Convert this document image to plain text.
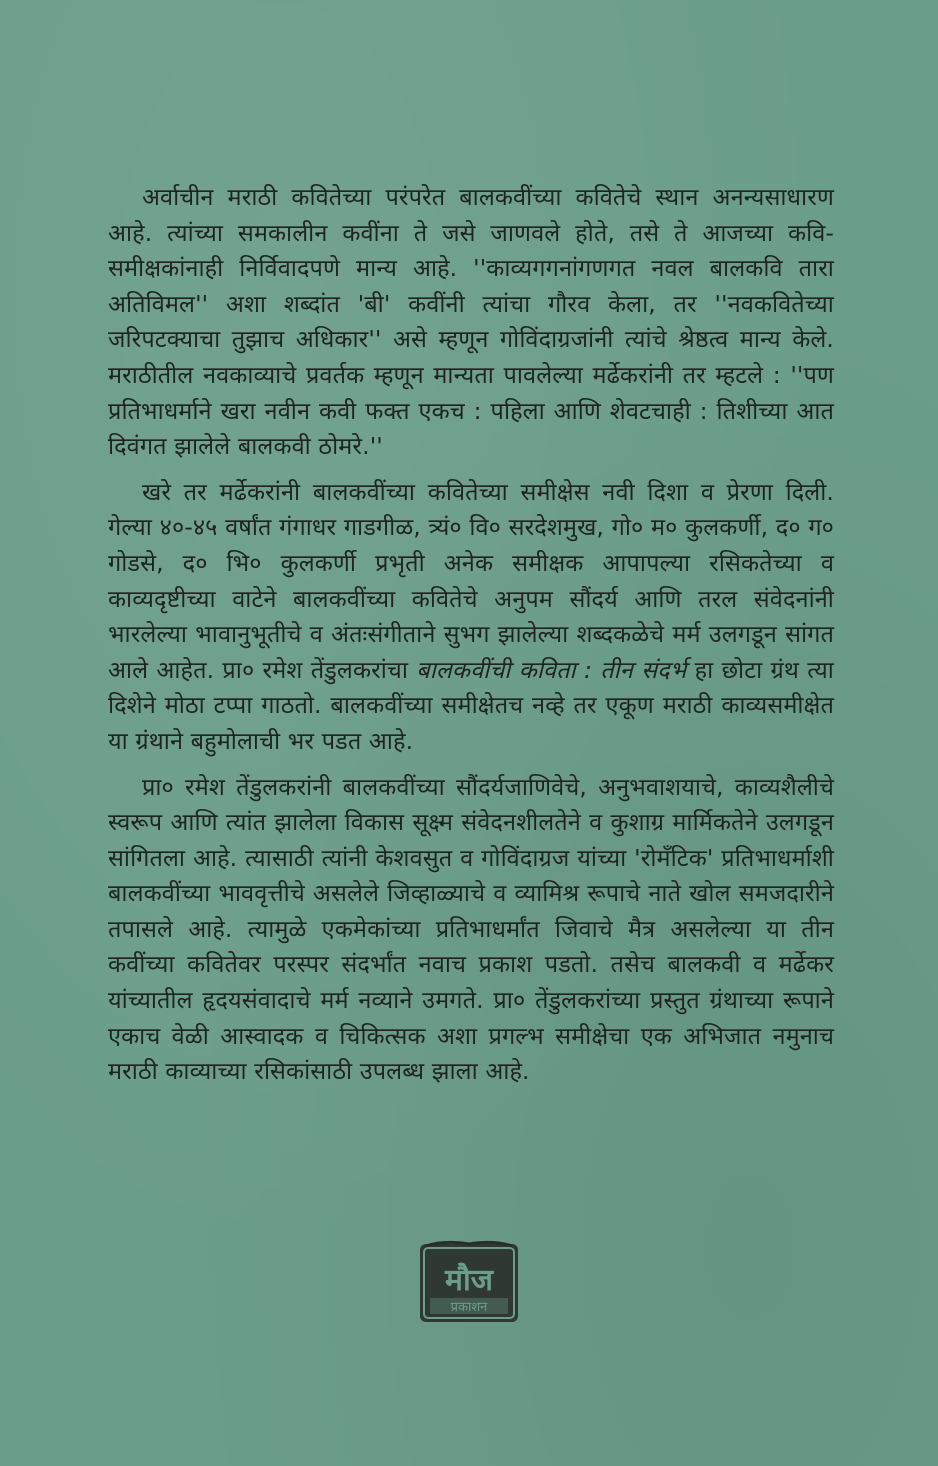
अर्वाचीन मराठी कवितेच्या परंपरेत बालकवींच्या कवितेचे स्थान अनन्यसाधारण आहे. त्यांच्या समकालीन कवींना ते जसे जाणवले होते, तसे ते आजच्या कवि-समीक्षकांनाही निर्विवादपणे मान्य आहे. ''काव्यगगनांगणगत नवल बालकवि तारा अतिविमल'' अशा शब्दांत 'बी' कवींनी त्यांचा गौरव केला, तर ''नवकवितेच्या जरिपटक्याचा तुझाच अधिकार'' असे म्हणून गोविंदाग्रजांनी त्यांचे श्रेष्ठत्व मान्य केले. मराठीतील नवकाव्याचे प्रवर्तक म्हणून मान्यता पावलेल्या मर्ढेकरांनी तर म्हटले : ''पण प्रतिभाधर्माने खरा नवीन कवी फक्त एकच : पहिला आणि शेवटचाही : तिशीच्या आत दिवंगत झालेले बालकवी ठोमरे.''

खरे तर मर्ढेकरांनी बालकवींच्या कवितेच्या समीक्षेस नवी दिशा व प्रेरणा दिली. गेल्या ४०-४५ वर्षांत गंगाधर गाडगीळ, त्र्यं० वि० सरदेशमुख, गो० म० कुलकर्णी, द० ग० गोडसे, द० भि० कुलकर्णी प्रभृती अनेक समीक्षक आपापल्या रसिकतेच्या व काव्यदृष्टीच्या वाटेने बालकवींच्या कवितेचे अनुपम सौंदर्य आणि तरल संवेदनांनी भारलेल्या भावानुभूतीचे व अंतःसंगीताने सुभग झालेल्या शब्दकळेचे मर्म उलगडून सांगत आले आहेत. प्रा० रमेश तेंडुलकरांचा बालकवींची कविता : तीन संदर्भ हा छोटा ग्रंथ त्या दिशेने मोठा टप्पा गाठतो. बालकवींच्या समीक्षेतच नव्हे तर एकूण मराठी काव्यसमीक्षेत या ग्रंथाने बहुमोलाची भर पडत आहे.

प्रा० रमेश तेंडुलकरांनी बालकवींच्या सौंदर्यजाणिवेचे, अनुभवाशयाचे, काव्यशैलीचे स्वरूप आणि त्यांत झालेला विकास सूक्ष्म संवेदनशीलतेने व कुशाग्र मार्मिकतेने उलगडून सांगितला आहे. त्यासाठी त्यांनी केशवसुत व गोविंदाग्रज यांच्या 'रोमँटिक' प्रतिभाधर्माशी बालकवींच्या भाववृत्तीचे असलेले जिव्हाळ्याचे व व्यामिश्र रूपाचे नाते खोल समजदारीने तपासले आहे. त्यामुळे एकमेकांच्या प्रतिभाधर्मांत जिवाचे मैत्र असलेल्या या तीन कवींच्या कवितेवर परस्पर संदर्भांत नवाच प्रकाश पडतो. तसेच बालकवी व मर्ढेकर यांच्यातील हृदयसंवादाचे मर्म नव्याने उमगते. प्रा० तेंडुलकरांच्या प्रस्तुत ग्रंथाच्या रूपाने एकाच वेळी आस्वादक व चिकित्सक अशा प्रगल्भ समीक्षेचा एक अभिजात नमुनाच मराठी काव्याच्या रसिकांसाठी उपलब्ध झाला आहे.

मौज
प्रकाशन
